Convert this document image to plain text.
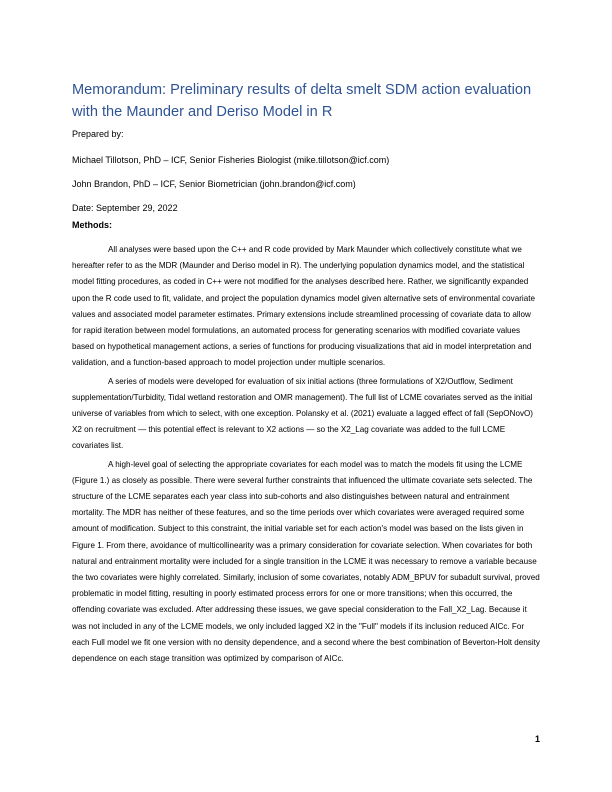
Memorandum: Preliminary results of delta smelt SDM action evaluation with the Maunder and Deriso Model in R

Prepared by:

Michael Tillotson, PhD – ICF, Senior Fisheries Biologist (mike.tillotson@icf.com)

John Brandon, PhD – ICF, Senior Biometrician (john.brandon@icf.com)

Date: September 29, 2022

Methods:

All analyses were based upon the C++ and R code provided by Mark Maunder which collectively constitute what we hereafter refer to as the MDR (Maunder and Deriso model in R). The underlying population dynamics model, and the statistical model fitting procedures, as coded in C++ were not modified for the analyses described here. Rather, we significantly expanded upon the R code used to fit, validate, and project the population dynamics model given alternative sets of environmental covariate values and associated model parameter estimates. Primary extensions include streamlined processing of covariate data to allow for rapid iteration between model formulations, an automated process for generating scenarios with modified covariate values based on hypothetical management actions, a series of functions for producing visualizations that aid in model interpretation and validation, and a function-based approach to model projection under multiple scenarios.

A series of models were developed for evaluation of six initial actions (three formulations of X2/Outflow, Sediment supplementation/Turbidity, Tidal wetland restoration and OMR management). The full list of LCME covariates served as the initial universe of variables from which to select, with one exception. Polansky et al. (2021) evaluate a lagged effect of fall (SepONovO) X2 on recruitment — this potential effect is relevant to X2 actions — so the X2_Lag covariate was added to the full LCME covariates list.

A high-level goal of selecting the appropriate covariates for each model was to match the models fit using the LCME (Figure 1.) as closely as possible. There were several further constraints that influenced the ultimate covariate sets selected. The structure of the LCME separates each year class into sub-cohorts and also distinguishes between natural and entrainment mortality. The MDR has neither of these features, and so the time periods over which covariates were averaged required some amount of modification. Subject to this constraint, the initial variable set for each action's model was based on the lists given in Figure 1. From there, avoidance of multicollinearity was a primary consideration for covariate selection. When covariates for both natural and entrainment mortality were included for a single transition in the LCME it was necessary to remove a variable because the two covariates were highly correlated. Similarly, inclusion of some covariates, notably ADM_BPUV for subadult survival, proved problematic in model fitting, resulting in poorly estimated process errors for one or more transitions; when this occurred, the offending covariate was excluded. After addressing these issues, we gave special consideration to the Fall_X2_Lag. Because it was not included in any of the LCME models, we only included lagged X2 in the "Full" models if its inclusion reduced AICc. For each Full model we fit one version with no density dependence, and a second where the best combination of Beverton-Holt density dependence on each stage transition was optimized by comparison of AICc.

1
